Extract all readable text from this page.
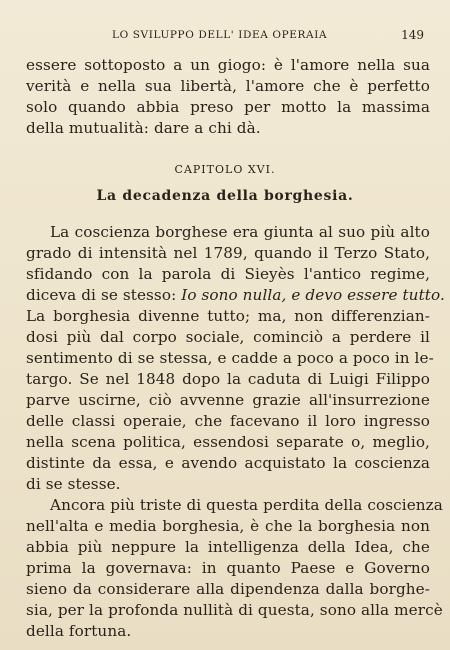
LO SVILUPPO DELL' IDEA OPERAIA	149
essere sottoposto a un giogo: è l'amore nella sua
verità e nella sua libertà, l'amore che è perfetto
solo quando abbia preso per motto la massima
della mutualità: dare a chi dà.
CAPITOLO XVI.
La decadenza della borghesia.
La coscienza borghese era giunta al suo più alto
grado di intensità nel 1789, quando il Terzo Stato,
sfidando con la parola di Sieyès l'antico regime,
diceva di se stesso: Io sono nulla, e devo essere tutto.
La borghesia divenne tutto; ma, non differenzian-
dosi più dal corpo sociale, cominciò a perdere il
sentimento di se stessa, e cadde a poco a poco in le-
targo. Se nel 1848 dopo la caduta di Luigi Filippo
parve uscirne, ciò avvenne grazie all'insurrezione
delle classi operaie, che facevano il loro ingresso
nella scena politica, essendosi separate o, meglio,
distinte da essa, e avendo acquistato la coscienza
di se stesse.
Ancora più triste di questa perdita della coscienza
nell'alta e media borghesia, è che la borghesia non
abbia più neppure la intelligenza della Idea, che
prima la governava: in quanto Paese e Governo
sieno da considerare alla dipendenza dalla borghe-
sia, per la profonda nullità di questa, sono alla mercè
della fortuna.
